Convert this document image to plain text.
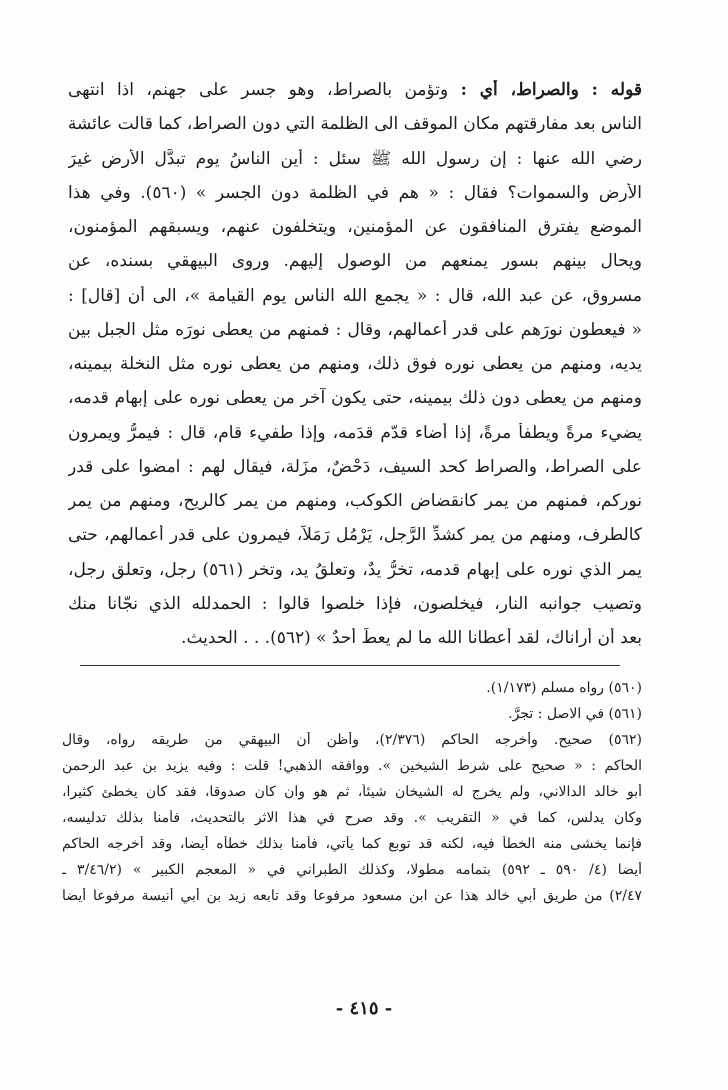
قوله : والصراط، أي : وتؤمن بالصراط، وهو جسر على جهنم، اذا انتهى
الناس بعد مفارقتهم مكان الموقف الى الظلمة التي دون الصراط، كما قالت عائشة
رضي الله عنها : إن رسول الله ﷺ سئل : أين الناسُ يوم تبدَّل الأرض غيرَ
الأرض والسموات؟ فقال : « هم في الظلمة دون الجسر » (٥٦٠). وفي هذا
الموضع يفترق المنافقون عن المؤمنين، ويتخلفون عنهم، ويسبقهم المؤمنون،
ويحال بينهم بسور يمنعهم من الوصول إليهم. وروى البيهقي بسنده، عن
مسروق، عن عبد الله، قال : « يجمع الله الناس يوم القيامة »، الى أن [قال] :
« فيعطون نورَهم على قدر أعمالهم، وقال : فمنهم من يعطى نورَه مثل الجبل بين
يديه، ومنهم من يعطى نوره فوق ذلك، ومنهم من يعطى نوره مثل النخلة بيمينه،
ومنهم من يعطى دون ذلك بيمينه، حتى يكون آخر من يعطى نوره على إبهام قدمه،
يضيء مرةً ويطفأ مرةً، إذا أضاء قدّم قدَمه، وإذا طفيء قام، قال : فيمرُّ ويمرون
على الصراط، والصراط كحد السيف، دَحْضٌ، مزَلة، فيقال لهم : امضوا على قدر
نوركم، فمنهم من يمر كانقضاض الكوكب، ومنهم من يمر كالريح، ومنهم من يمر
كالطرف، ومنهم من يمر كشدِّ الرَّجل، يَرْمُل رَمَلاً، فيمرون على قدر أعمالهم، حتى
يمر الذي نوره على إبهام قدمه، تخرُّ يدٌ، وتعلقُ يد، وتخر (٥٦١) رجل، وتعلق رجل،
وتصيب جوانبه النار، فيخلصون، فإذا خلصوا قالوا : الحمدلله الذي نجّانا منك
بعد أن أراناك، لقد أعطانا الله ما لم يعطَ أحدٌ » (٥٦٢). . . الحديث.
(٥٦٠) رواه مسلم (١/١٧٣).
(٥٦١) في الاصل : تجرَّ.
(٥٦٢) صحيح. وأخرجه الحاكم (٢/٣٧٦)، وأظن أن البيهقي من طريقه رواه، وقال
الحاكم : « صحيح على شرط الشيخين ». ووافقه الذهبي! قلت : وفيه يزيد بن عبد الرحمن
أبو خالد الدالاني، ولم يخرج له الشيخان شيئاً، ثم هو وان كان صدوقا، فقد كان يخطئ كثيرا،
وكان يدلس، كما في « التقريب ». وقد صرح في هذا الاثر بالتحديث، فأمنا بذلك تدليسه،
فإنما يخشى منه الخطأ فيه، لكنه قد توبع كما يأتي، فأمنا بذلك خطأه أيضا، وقد أخرجه الحاكم
أيضا (٤/ ٥٩٠ ـ ٥٩٢) بتمامه مطولا، وكذلك الطبراني في « المعجم الكبير » (٣/٤٦/٢ ـ
٢/٤٧) من طريق أبي خالد هذا عن ابن مسعود مرفوعا وقد تابعه زيد بن أبي أنيسة مرفوعا أيضا
- ٤١٥ -
